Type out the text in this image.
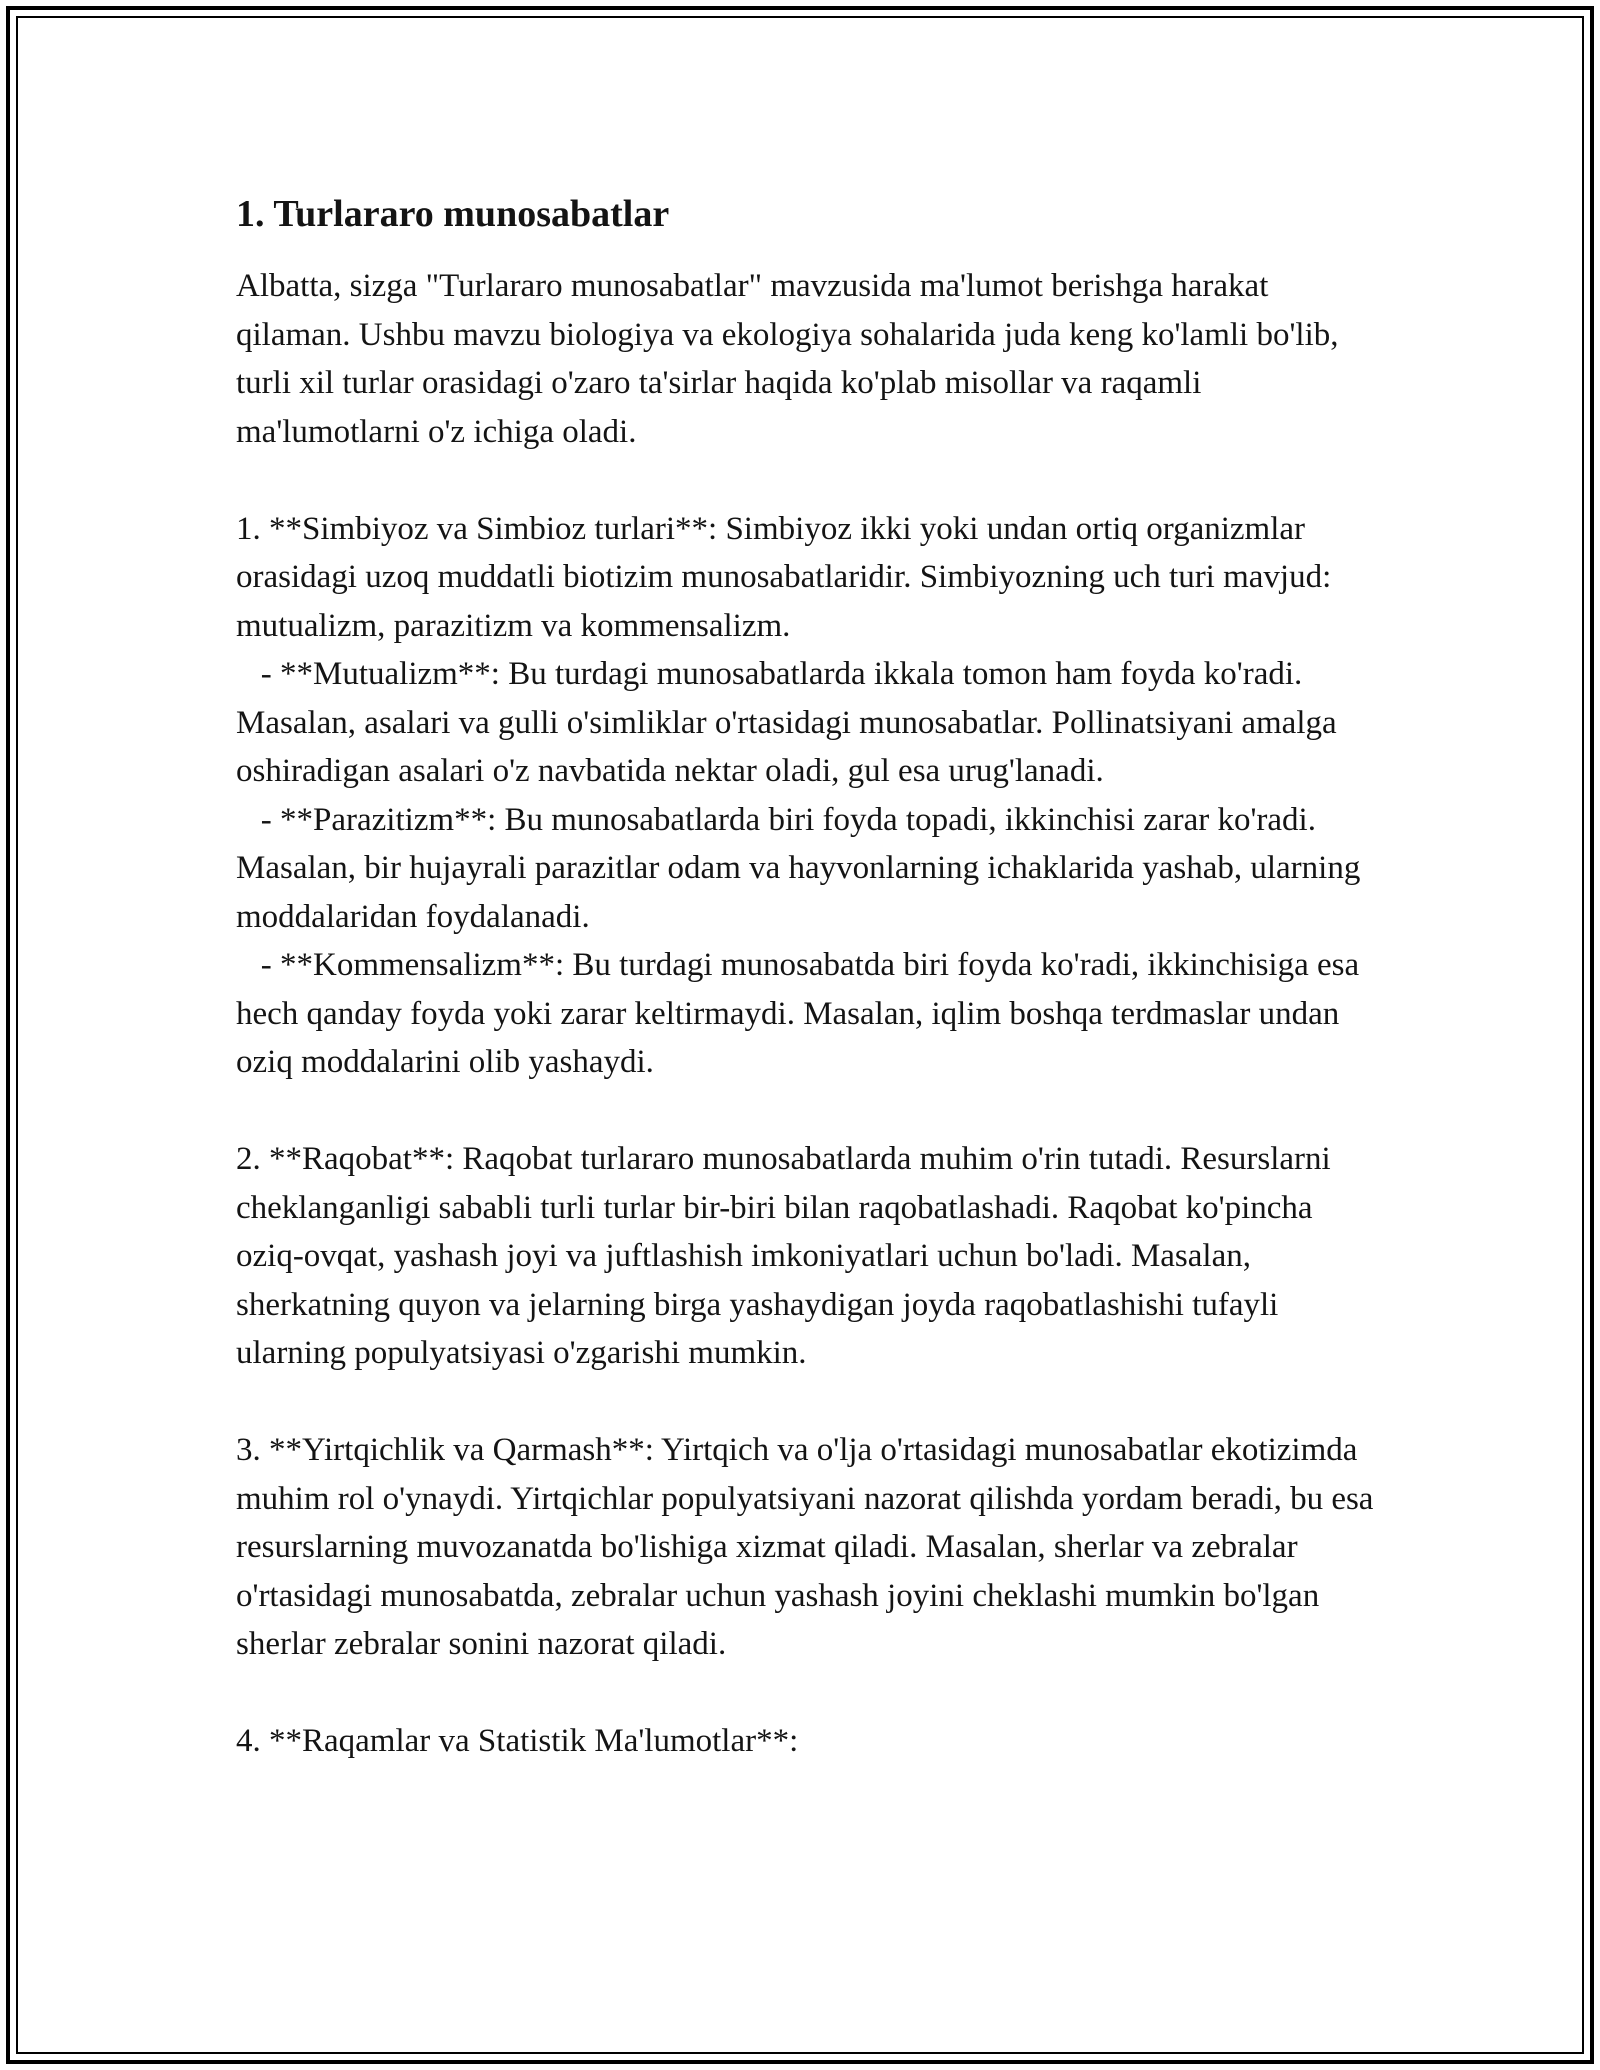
1. Turlararo munosabatlar

Albatta, sizga "Turlararo munosabatlar" mavzusida ma'lumot berishga harakat qilaman. Ushbu mavzu biologiya va ekologiya sohalarida juda keng ko'lamli bo'lib, turli xil turlar orasidagi o'zaro ta'sirlar haqida ko'plab misollar va raqamli ma'lumotlarni o'z ichiga oladi.

1. **Simbiyoz va Simbioz turlari**: Simbiyoz ikki yoki undan ortiq organizmlar orasidagi uzoq muddatli biotizim munosabatlaridir. Simbiyozning uch turi mavjud: mutualizm, parazitizm va kommensalizm.
- **Mutualizm**: Bu turdagi munosabatlarda ikkala tomon ham foyda ko'radi. Masalan, asalari va gulli o'simliklar o'rtasidagi munosabatlar. Pollinatsiyani amalga oshiradigan asalari o'z navbatida nektar oladi, gul esa urug'lanadi.
- **Parazitizm**: Bu munosabatlarda biri foyda topadi, ikkinchisi zarar ko'radi. Masalan, bir hujayrali parazitlar odam va hayvonlarning ichaklarida yashab, ularning moddalaridan foydalanadi.
- **Kommensalizm**: Bu turdagi munosabatda biri foyda ko'radi, ikkinchisiga esa hech qanday foyda yoki zarar keltirmaydi. Masalan, iqlim boshqa terdmaslar undan oziq moddalarini olib yashaydi.

2. **Raqobat**: Raqobat turlararo munosabatlarda muhim o'rin tutadi. Resurslarni cheklanganligi sababli turli turlar bir-biri bilan raqobatlashadi. Raqobat ko'pincha oziq-ovqat, yashash joyi va juftlashish imkoniyatlari uchun bo'ladi. Masalan, sherkatning quyon va jelarning birga yashaydigan joyda raqobatlashishi tufayli ularning populyatsiyasi o'zgarishi mumkin.

3. **Yirtqichlik va Qarmash**: Yirtqich va o'lja o'rtasidagi munosabatlar ekotizimda muhim rol o'ynaydi. Yirtqichlar populyatsiyani nazorat qilishda yordam beradi, bu esa resurslarning muvozanatda bo'lishiga xizmat qiladi. Masalan, sherlar va zebralar o'rtasidagi munosabatda, zebralar uchun yashash joyini cheklashi mumkin bo'lgan sherlar zebralar sonini nazorat qiladi.

4. **Raqamlar va Statistik Ma'lumotlar**:
